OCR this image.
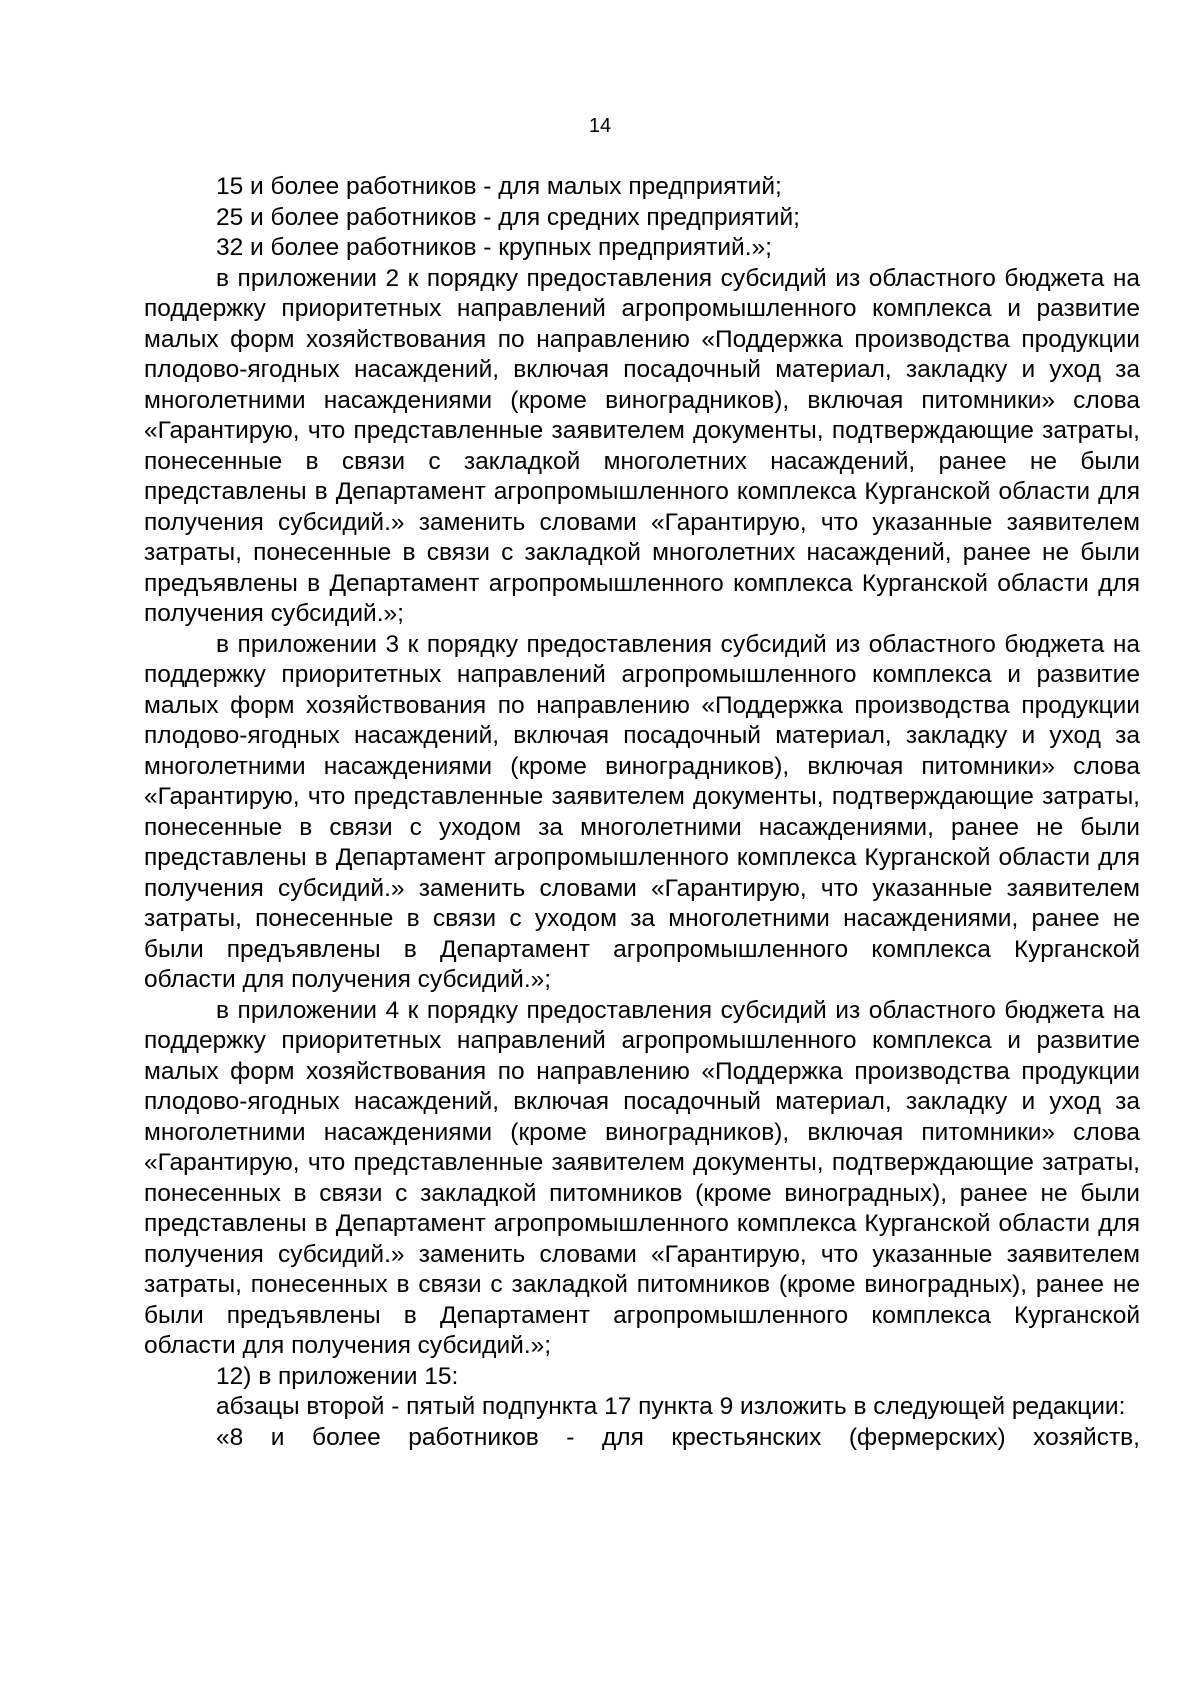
14

15 и более работников - для малых предприятий;

25 и более работников - для средних предприятий;

32 и более работников - крупных предприятий.»;

в приложении 2 к порядку предоставления субсидий из областного бюджета на поддержку приоритетных направлений агропромышленного комплекса и развитие малых форм хозяйствования по направлению «Поддержка производства продукции плодово-ягодных насаждений, включая посадочный материал, закладку и уход за многолетними насаждениями (кроме виноградников), включая питомники» слова «Гарантирую, что представленные заявителем документы, подтверждающие затраты, понесенные в связи с закладкой многолетних насаждений, ранее не были представлены в Департамент агропромышленного комплекса Курганской области для получения субсидий.» заменить словами «Гарантирую, что указанные заявителем затраты, понесенные в связи с закладкой многолетних насаждений, ранее не были предъявлены в Департамент агропромышленного комплекса Курганской области для получения субсидий.»;

в приложении 3 к порядку предоставления субсидий из областного бюджета на поддержку приоритетных направлений агропромышленного комплекса и развитие малых форм хозяйствования по направлению «Поддержка производства продукции плодово-ягодных насаждений, включая посадочный материал, закладку и уход за многолетними насаждениями (кроме виноградников), включая питомники» слова «Гарантирую, что представленные заявителем документы, подтверждающие затраты, понесенные в связи с уходом за многолетними насаждениями, ранее не были представлены в Департамент агропромышленного комплекса Курганской области для получения субсидий.» заменить словами «Гарантирую, что указанные заявителем затраты, понесенные в связи с уходом за многолетними насаждениями, ранее не были предъявлены в Департамент агропромышленного комплекса Курганской области для получения субсидий.»;

в приложении 4 к порядку предоставления субсидий из областного бюджета на поддержку приоритетных направлений агропромышленного комплекса и развитие малых форм хозяйствования по направлению «Поддержка производства продукции плодово-ягодных насаждений, включая посадочный материал, закладку и уход за многолетними насаждениями (кроме виноградников), включая питомники» слова «Гарантирую, что представленные заявителем документы, подтверждающие затраты, понесенных в связи с закладкой питомников (кроме виноградных), ранее не были представлены в Департамент агропромышленного комплекса Курганской области для получения субсидий.» заменить словами «Гарантирую, что указанные заявителем затраты, понесенных в связи с закладкой питомников (кроме виноградных), ранее не были предъявлены в Департамент агропромышленного комплекса Курганской области для получения субсидий.»;

12) в приложении 15:

абзацы второй - пятый подпункта 17 пункта 9 изложить в следующей редакции:

«8 и более работников - для крестьянских (фермерских) хозяйств,
